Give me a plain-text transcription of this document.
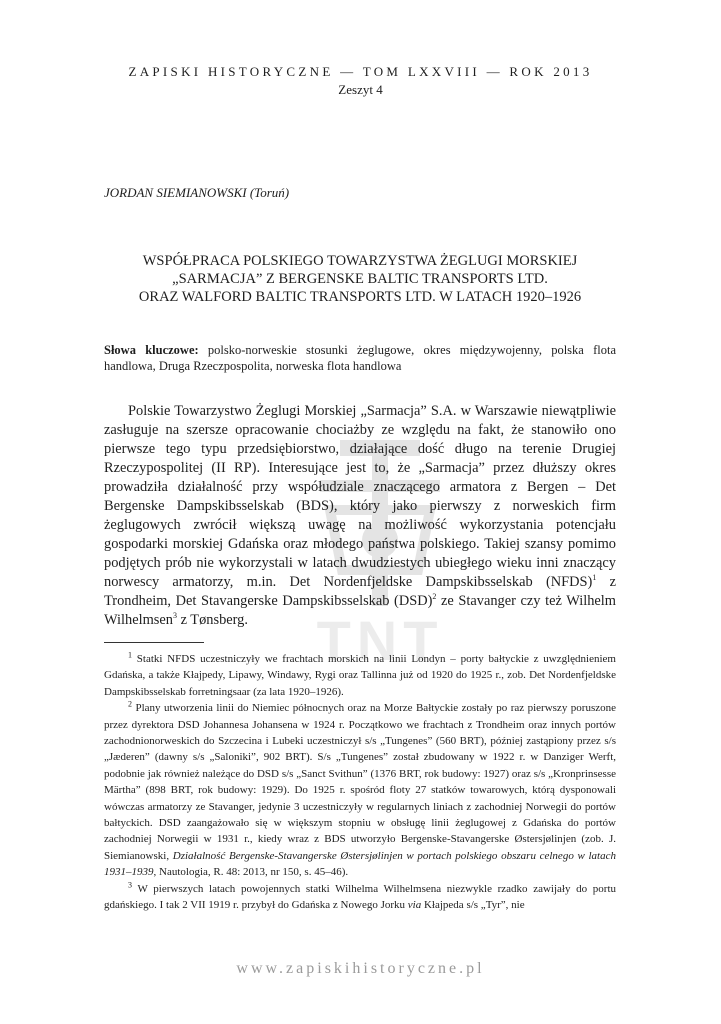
TNT
ZAPISKI HISTORYCZNE — TOM LXXVIII — ROK 2013
Zeszyt 4
JORDAN SIEMIANOWSKI (Toruń)
WSPÓŁPRACA POLSKIEGO TOWARZYSTWA ŻEGLUGI MORSKIEJ
„SARMACJA” Z BERGENSKE BALTIC TRANSPORTS LTD.
ORAZ WALFORD BALTIC TRANSPORTS LTD. W LATACH 1920–1926
Słowa kluczowe: polsko-norweskie stosunki żeglugowe, okres międzywojenny, polska flota handlowa, Druga Rzeczpospolita, norweska flota handlowa

Polskie Towarzystwo Żeglugi Morskiej „Sarmacja” S.A. w Warszawie niewątpliwie zasługuje na szersze opracowanie chociażby ze względu na fakt, że stanowiło ono pierwsze tego typu przedsiębiorstwo, działające dość długo na terenie Drugiej Rzeczypospolitej (II RP). Interesujące jest to, że „Sarmacja” przez dłuższy okres prowadziła działalność przy współudziale znaczącego armatora z Bergen – Det Bergenske Dampskibsselskab (BDS), który jako pierwszy z norweskich firm żeglugowych zwrócił większą uwagę na możliwość wykorzystania potencjału gospodarki morskiej Gdańska oraz młodego państwa polskiego. Takiej szansy pomimo podjętych prób nie wykorzystali w latach dwudziestych ubiegłego wieku inni znaczący norwescy armatorzy, m.in. Det Nordenfjeldske Dampskibsselskab (NFDS)$^1$ z Trondheim, Det Stavangerske Dampskibsselskab (DSD)$^2$ ze Stavanger czy też Wilhelm Wilhelmsen$^3$ z Tønsberg.

$^1$ Statki NFDS uczestniczyły we frachtach morskich na linii Londyn – porty bałtyckie z uwzględnieniem Gdańska, a także Kłajpedy, Lipawy, Windawy, Rygi oraz Tallinna już od 1920 do 1925 r., zob. Det Nordenfjeldske Dampskibsselskab forretningsaar (za lata 1920–1926).

$^2$ Plany utworzenia linii do Niemiec północnych oraz na Morze Bałtyckie zostały po raz pierwszy poruszone przez dyrektora DSD Johannesa Johansena w 1924 r. Początkowo we frachtach z Trondheim oraz innych portów zachodnionorweskich do Szczecina i Lubeki uczestniczył s/s „Tungenes” (560 BRT), później zastąpiony przez s/s „Jæderen” (dawny s/s „Saloniki”, 902 BRT). S/s „Tungenes” został zbudowany w 1922 r. w Danziger Werft, podobnie jak również należące do DSD s/s „Sanct Svithun” (1376 BRT, rok budowy: 1927) oraz s/s „Kronprinsesse Märtha” (898 BRT, rok budowy: 1929). Do 1925 r. spośród floty 27 statków towarowych, którą dysponowali wówczas armatorzy ze Stavanger, jedynie 3 uczestniczyły w regularnych liniach z zachodniej Norwegii do portów bałtyckich. DSD zaangażowało się w większym stopniu w obsługę linii żeglugowej z Gdańska do portów zachodniej Norwegii w 1931 r., kiedy wraz z BDS utworzyło Bergenske-Stavangerske Østersjølinjen (zob. J. Siemianowski, Działalność Bergenske-Stavangerske Østersjølinjen w portach polskiego obszaru celnego w latach 1931–1939, Nautologia, R. 48: 2013, nr 150, s. 45–46).

$^3$ W pierwszych latach powojennych statki Wilhelma Wilhelmsena niezwykle rzadko zawijały do portu gdańskiego. I tak 2 VII 1919 r. przybył do Gdańska z Nowego Jorku via Kłajpeda s/s „Tyr”, nie

www.zapiskihistoryczne.pl
